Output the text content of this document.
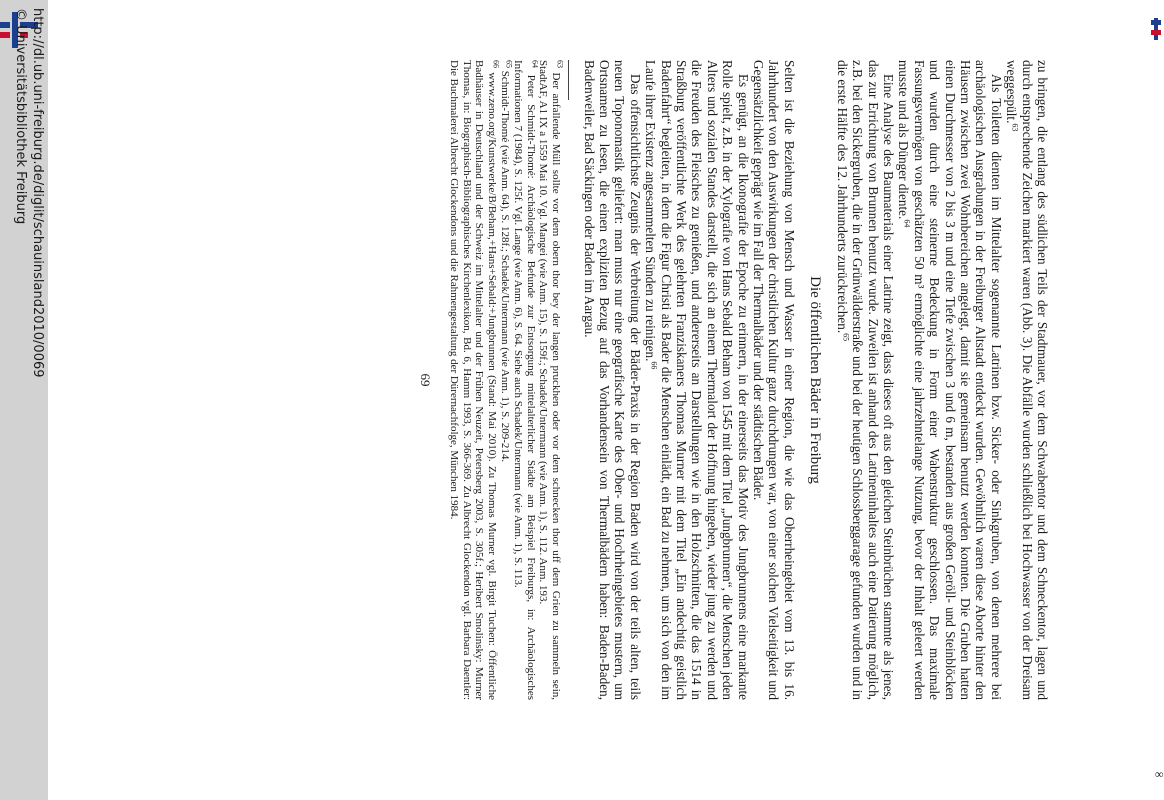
http://dl.ub.uni-freiburg.de/diglit/schauinsland2010/0069
© Universitätsbibliothek Freiburg
∞

zu bringen, die entlang des südlichen Teils der Stadtmauer, vor dem Schwabentor und dem Schneckentor, lagen und durch entsprechende Zeichen markiert waren (Abb. 3). Die Abfälle wurden schließlich bei Hochwasser von der Dreisam weggespült.$^{63}$

Als Toiletten dienten im Mittelalter sogenannte Latrinen bzw. Sicker- oder Sinkgruben, von denen mehrere bei archäologischen Ausgrabungen in der Freiburger Altstadt entdeckt wurden. Gewöhnlich waren diese Aborte hinter den Häusern zwischen zwei Wohnbereichen angelegt, damit sie gemeinsam benutzt werden konnten. Die Gruben hatten einen Durchmesser von 2 bis 3 m und eine Tiefe zwischen 3 und 6 m, bestanden aus großen Geröll- und Steinblöcken und wurden durch eine steinerne Bedeckung in Form einer Wabenstruktur geschlossen. Das maximale Fassungsvermögen von geschätzten 50 m³ ermöglichte eine jahrzehntelange Nutzung, bevor der Inhalt geleert werden musste und als Dünger diente.$^{64}$

Eine Analyse des Baumaterials einer Latrine zeigt, dass dieses oft aus den gleichen Steinbrüchen stammte als jenes, das zur Errichtung von Brunnen benutzt wurde. Zuweilen ist anhand des Latrineninhaltes auch eine Datierung möglich, z.B. bei den Sickergruben, die in der Grünwälderstraße und bei der heutigen Schlossberggarage gefunden wurden und in die erste Hälfte des 12. Jahrhunderts zurückreichen.$^{65}$

Die öffentlichen Bäder in Freiburg

Selten ist die Beziehung von Mensch und Wasser in einer Region, die wie das Oberrheingebiet vom 13. bis 16. Jahrhundert von den Auswirkungen der christlichen Kultur ganz durchdrungen war, von einer solchen Vielseitigkeit und Gegensätzlichkeit geprägt wie im Fall der Thermalbäder und der städtischen Bäder.

Es genügt, an die Ikonografie der Epoche zu erinnern, in der einerseits das Motiv des Jungbrunnens eine markante Rolle spielt, z.B. in der Xylografie von Hans Sebald Beham von 1545 mit dem Titel „Jungbrunnen“, die Menschen jeden Alters und sozialen Standes darstellt, die sich an einem Thermalort der Hoffnung hingeben, wieder jung zu werden und die Freuden des Fleisches zu genießen, und andererseits an Darstellungen wie in den Holzschnitten, die das 1514 in Straßburg veröffentlichte Werk des gelehrten Franziskaners Thomas Murner mit dem Titel „Ein andechtig geistlich Badenfahrt“ begleiten, in dem die Figur Christi als Bader die Menschen einlädt, ein Bad zu nehmen, um sich von den im Laufe ihrer Existenz angesammelten Sünden zu reinigen.$^{66}$

Das offensichtlichste Zeugnis der Verbreitung der Bäder-Praxis in der Region Baden wird von der teils alten, teils neuen Toponomastik geliefert: man muss nur eine geografische Karte des Ober- und Hochrheingebietes mustern, um Ortsnamen zu lesen, die einen expliziten Bezug auf das Vorhandensein von Thermalbädern haben: Baden-Baden, Badenweiler, Bad Säckingen oder Baden im Aargau.

$^{63}$ Der anfallende Müll sollte vor dem obern thor bey der langen pruckhen oder vor dem schnecken thor uff dem Grien zu sammeln sein, StadtAF, A1 IX a 1559 Mai 10. Vgl. Mangei (wie Anm. 15), S. 159f.; Schadek/Untermann (wie Anm. 1), S. 112. Anm. 193.

$^{64}$ Peter Schmidt-Thomé: Archäologische Befunde zur Entsorgung mittelalterlicher Städte am Beispiel Freiburgs, in: Archäologisches Informationen 7 (1984), S. 125f. Vgl. Lange (wie Anm. 6), S. 64. Siehe auch Schadek/Untermann (wie Anm. 1), S. 113.

$^{65}$ Schmidt-Thomé (wie Anm. 64), S. 128f.; Schadek/Untermann (wie Anm. 1), S. 209-214.

$^{66}$ www.zeno.org/Kunstwerke/B/Beham,+Hans+Sebald:+Jungbrunnen (Stand: Mai 2010). Zu Thomas Murner vgl. Birgit Tuchen: Öffentliche Badhäuser in Deutschland und der Schweiz im Mittelalter und der Frühen Neuzeit, Petersberg 2003, S. 305f.; Heribert Smolinsky: Murner Thomas, in: Biographisch-Bibliographisches Kirchenlexikon, Bd. 6, Hamm 1993, S. 366-369. Zu Albrecht Glockendon vgl. Barbara Daentler: Die Buchmalerei Albrecht Glockendons und die Rahmengestaltung der Dürernachfolge, München 1984.

69
